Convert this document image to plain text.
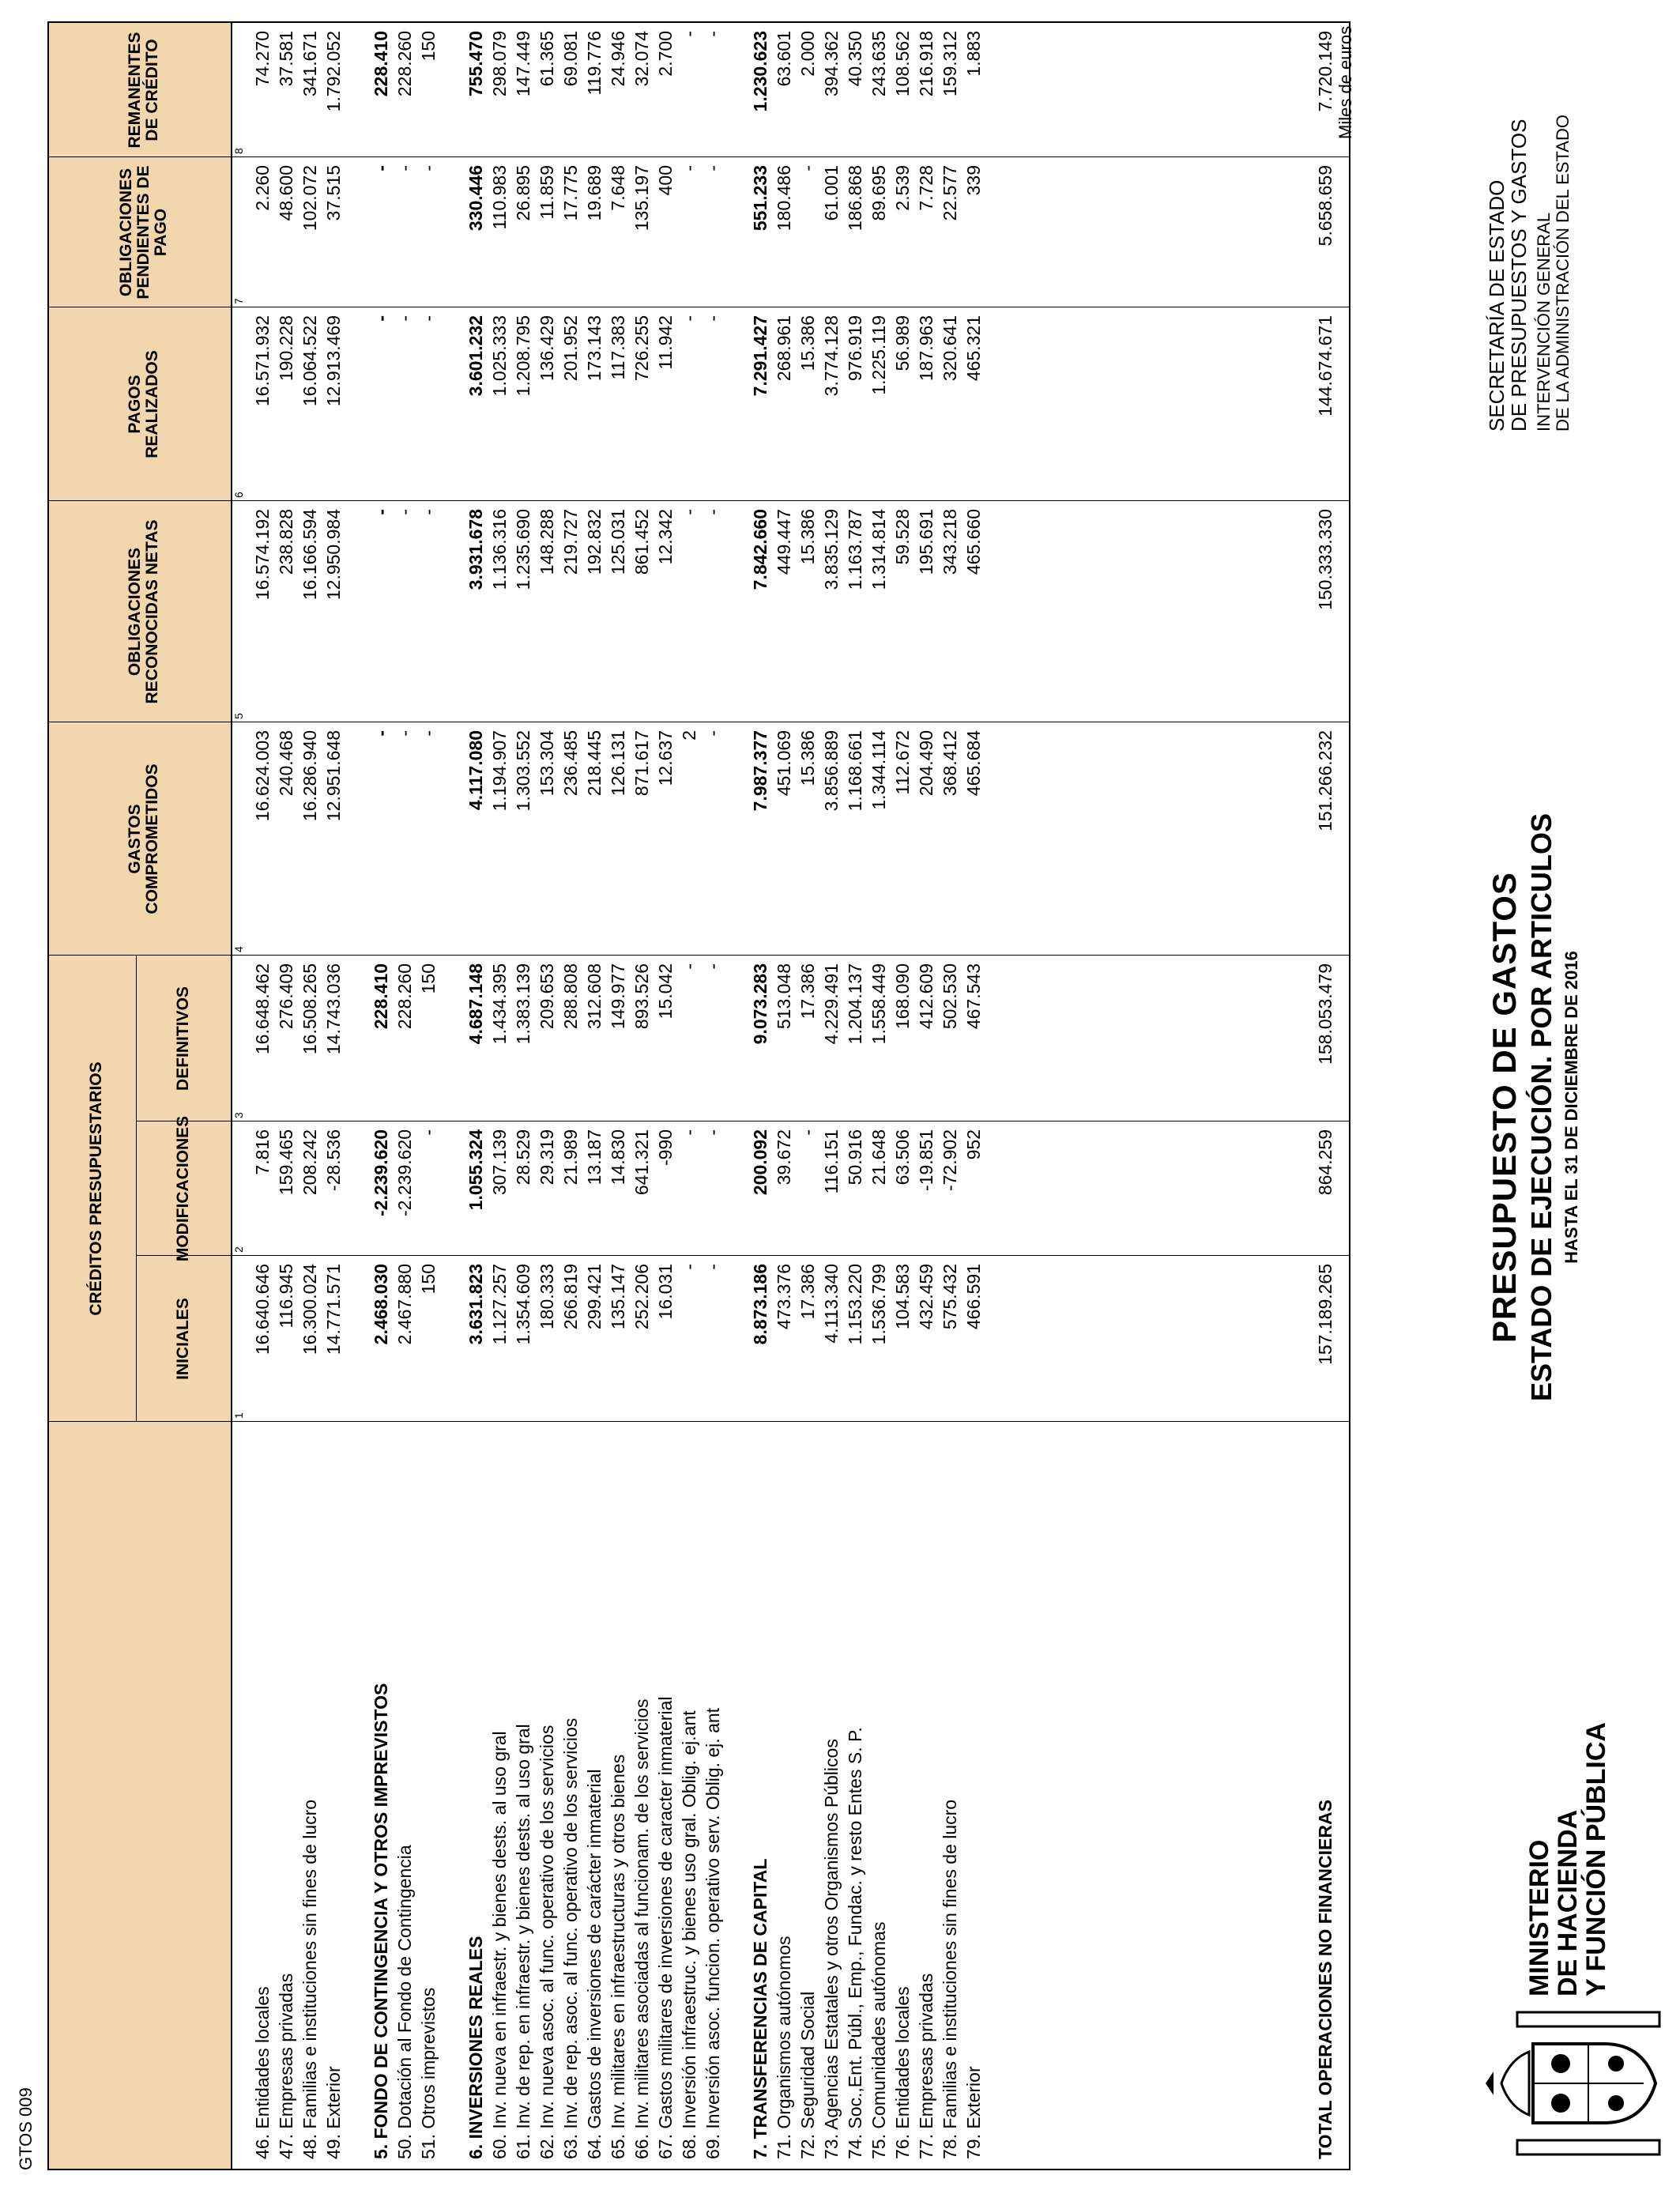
MINISTERIO
DE HACIENDA
Y FUNCIÓN PÚBLICA
PRESUPUESTO DE GASTOS ESTADO DE EJECUCIÓN. POR ARTICULOS HASTA EL 31 DE DICIEMBRE DE 2016
SECRETARÍA DE ESTADO
DE PRESUPUESTOS Y GASTOS INTERVENCIÓN GENERAL DE LA ADMINISTRACIÓN DEL ESTADO
Miles de euros
GTOS 009
CRÉDITOS PRESUPUESTARIOS
INICIALES
MODIFICACIONES
DEFINITIVOS
GASTOS COMPROMETIDOS
OBLIGACIONES RECONOCIDAS NETAS
PAGOS REALIZADOS
OBLIGACIONES PENDIENTES DE PAGO
REMANENTES DE CRÉDITO
1
2
3
4
5
6
7
8
46. Entidades locales
16.640.646
7.816
16.648.462
16.624.003
16.574.192
16.571.932
2.260
74.270
47. Empresas privadas
116.945
159.465
276.409
240.468
238.828
190.228
48.600
37.581
48. Familias e instituciones sin fines de lucro
16.300.024
208.242
16.508.265
16.286.940
16.166.594
16.064.522
102.072
341.671
49. Exterior
14.771.571
-28.536
14.743.036
12.951.648
12.950.984
12.913.469
37.515
1.792.052
5. FONDO DE CONTINGENCIA Y OTROS IMPREVISTOS
2.468.030
-2.239.620
228.410
-
-
-
-
228.410
50. Dotación al Fondo de Contingencia
2.467.880
-2.239.620
228.260
-
-
-
-
228.260
51. Otros imprevistos
150
-
150
-
-
-
-
150
6. INVERSIONES REALES
3.631.823
1.055.324
4.687.148
4.117.080
3.931.678
3.601.232
330.446
755.470
60. Inv. nueva en infraestr. y bienes dests. al uso gral
1.127.257
307.139
1.434.395
1.194.907
1.136.316
1.025.333
110.983
298.079
61. Inv. de rep. en infraestr. y bienes dests. al uso gral
1.354.609
28.529
1.383.139
1.303.552
1.235.690
1.208.795
26.895
147.449
62. Inv. nueva asoc. al func. operativo de los servicios
180.333
29.319
209.653
153.304
148.288
136.429
11.859
61.365
63. Inv. de rep. asoc. al func. operativo de los servicios
266.819
21.989
288.808
236.485
219.727
201.952
17.775
69.081
64. Gastos de inversiones de carácter inmaterial
299.421
13.187
312.608
218.445
192.832
173.143
19.689
119.776
65. Inv. militares en infraestructuras y otros bienes
135.147
14.830
149.977
126.131
125.031
117.383
7.648
24.946
66. Inv. militares asociadas al funcionam. de los servicios
252.206
641.321
893.526
871.617
861.452
726.255
135.197
32.074
67. Gastos militares de inversiones de caracter inmaterial
16.031
-990
15.042
12.637
12.342
11.942
400
2.700
68. Inversión infraestruc. y bienes uso gral. Oblig. ej.ant
-
-
-
2
-
-
-
-
69. Inversión asoc. funcion. operativo serv. Oblig. ej. ant
-
-
-
-
-
-
-
-
7. TRANSFERENCIAS DE CAPITAL
8.873.186
200.092
9.073.283
7.987.377
7.842.660
7.291.427
551.233
1.230.623
71. Organismos autónomos
473.376
39.672
513.048
451.069
449.447
268.961
180.486
63.601
72. Seguridad Social
17.386
-
17.386
15.386
15.386
15.386
-
2.000
73. Agencias Estatales y otros Organismos Públicos
4.113.340
116.151
4.229.491
3.856.889
3.835.129
3.774.128
61.001
394.362
74. Soc.,Ent. Públ., Emp., Fundac. y resto Entes S. P.
1.153.220
50.916
1.204.137
1.168.661
1.163.787
976.919
186.868
40.350
75. Comunidades autónomas
1.536.799
21.648
1.558.449
1.344.114
1.314.814
1.225.119
89.695
243.635
76. Entidades locales
104.583
63.506
168.090
112.672
59.528
56.989
2.539
108.562
77. Empresas privadas
432.459
-19.851
412.609
204.490
195.691
187.963
7.728
216.918
78. Familias e instituciones sin fines de lucro
575.432
-72.902
502.530
368.412
343.218
320.641
22.577
159.312
79. Exterior
466.591
952
467.543
465.684
465.660
465.321
339
1.883
TOTAL OPERACIONES NO FINANCIERAS
157.189.265
864.259
158.053.479
151.266.232
150.333.330
144.674.671
5.658.659
7.720.149
